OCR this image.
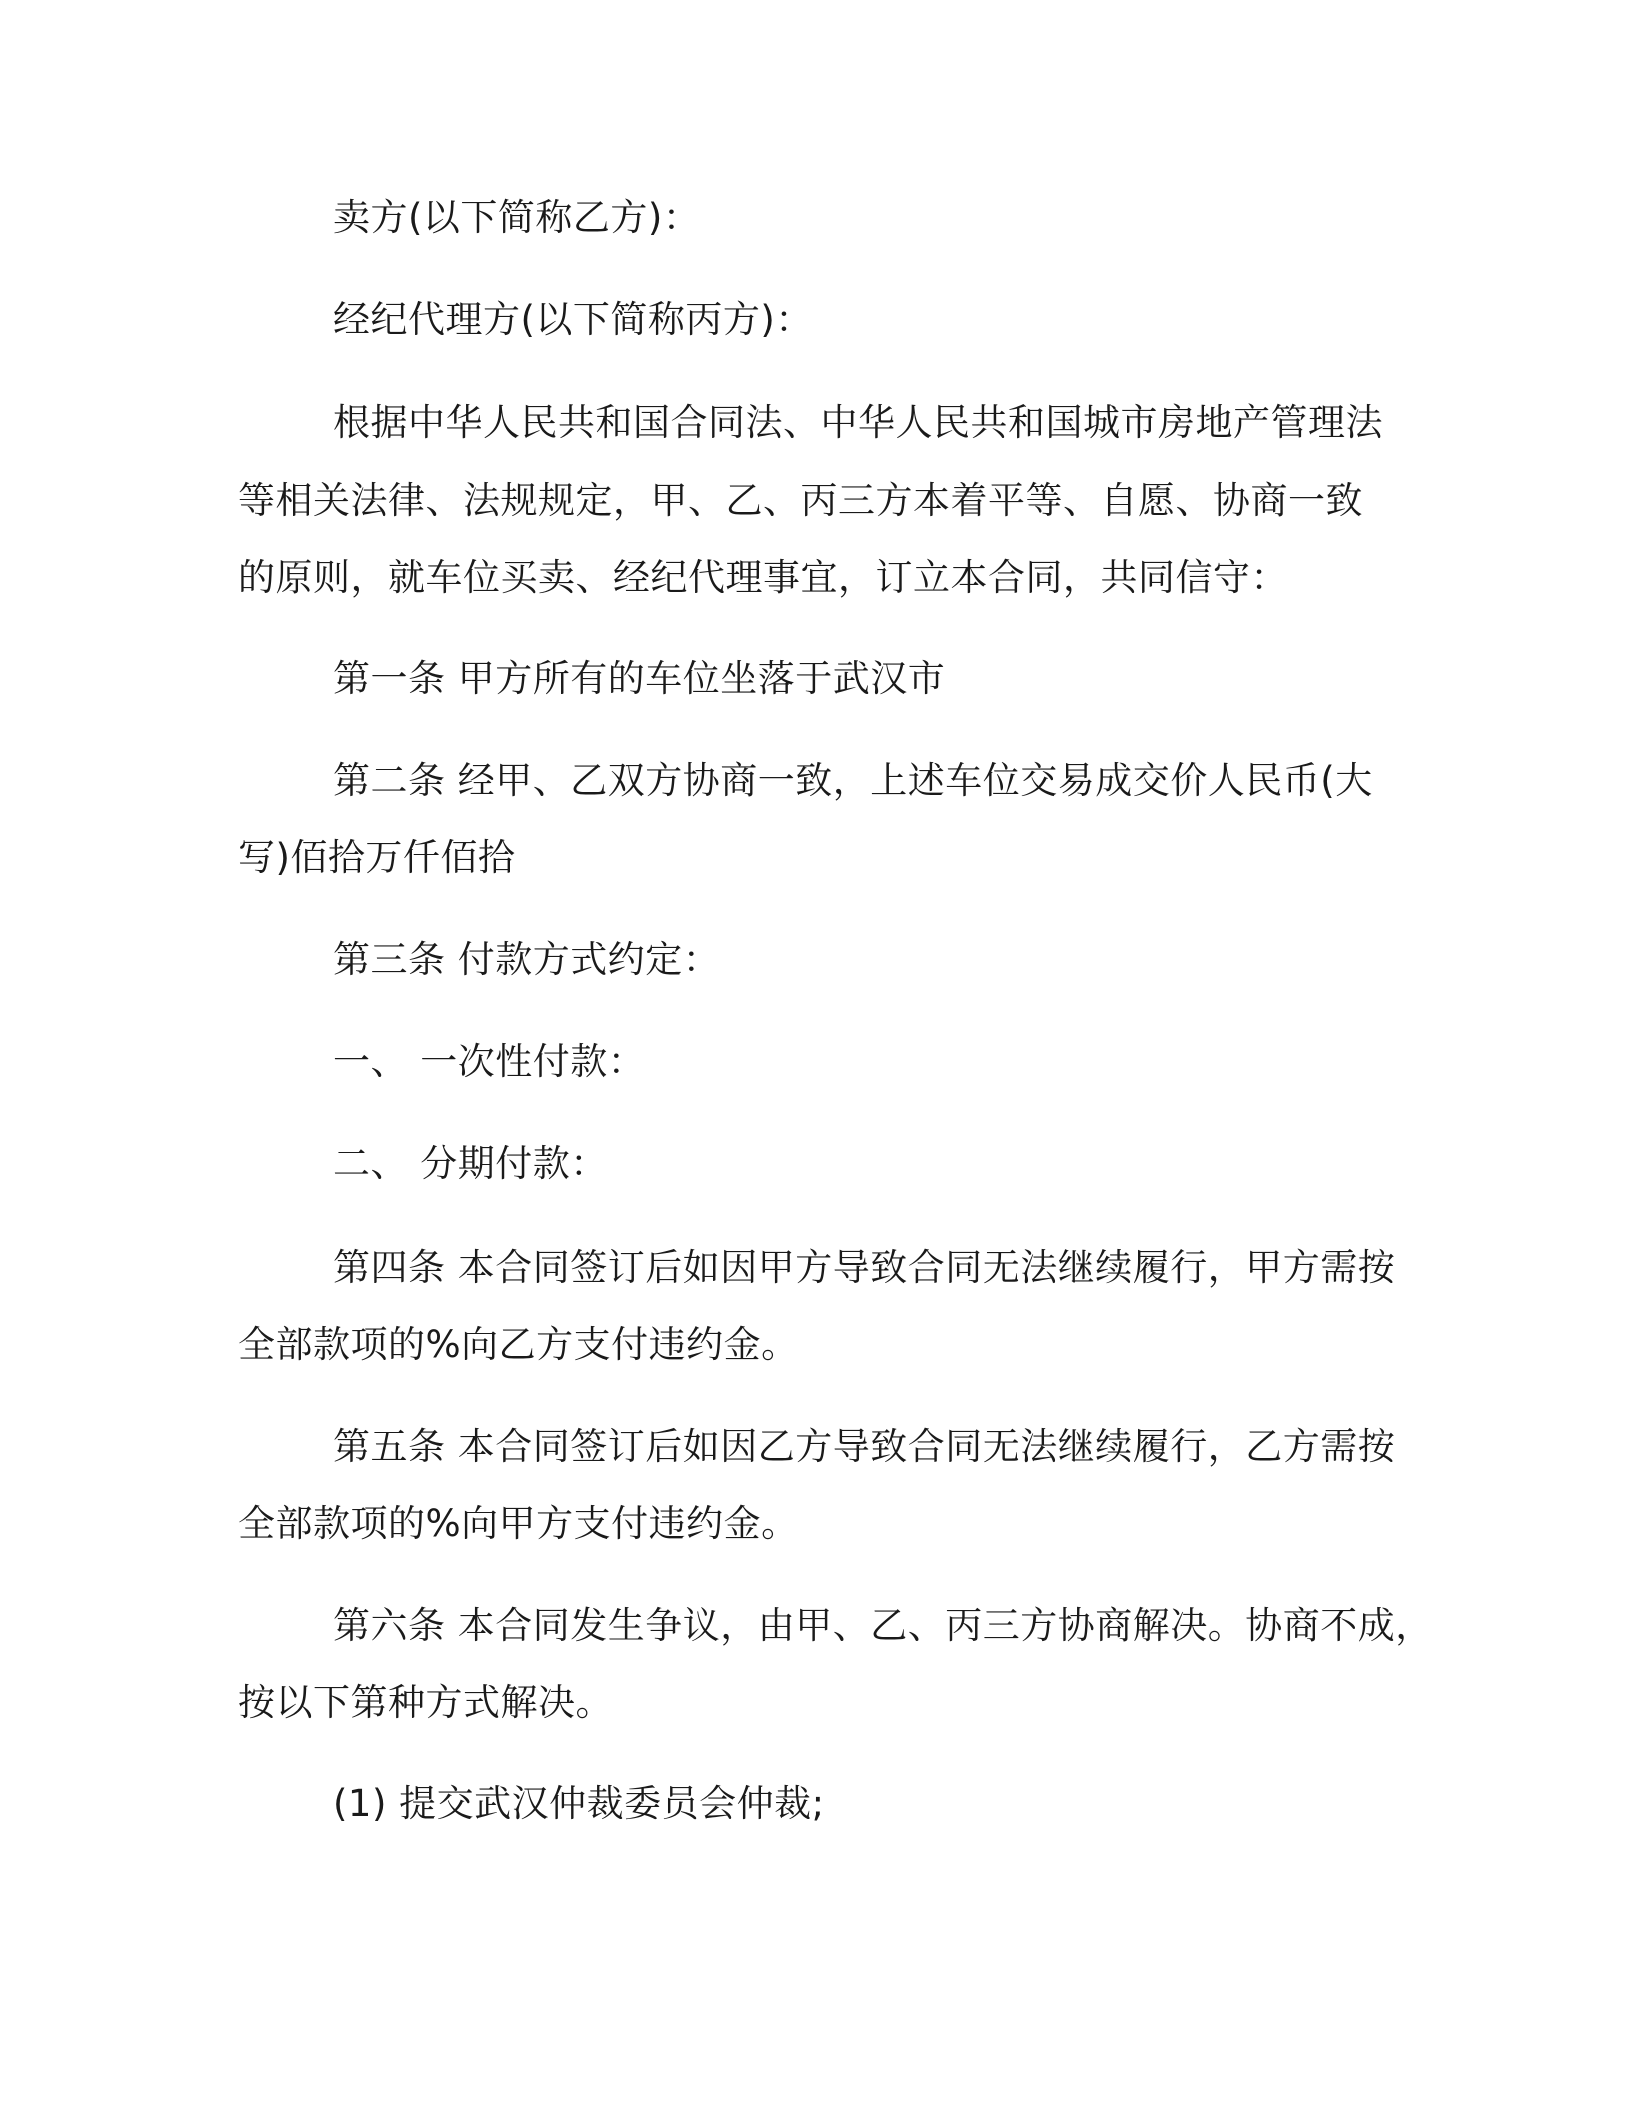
卖方(以下简称乙方)：
经纪代理方(以下简称丙方)：
根据中华人民共和国合同法、中华人民共和国城市房地产管理法
等相关法律、法规规定，甲、乙、丙三方本着平等、自愿、协商一致
的原则，就车位买卖、经纪代理事宜，订立本合同，共同信守：
第一条 甲方所有的车位坐落于武汉市
第二条 经甲、乙双方协商一致，上述车位交易成交价人民币(大
写)佰拾万仟佰拾
第三条 付款方式约定：
一、 一次性付款：
二、 分期付款：
第四条 本合同签订后如因甲方导致合同无法继续履行，甲方需按
全部款项的%向乙方支付违约金。
第五条 本合同签订后如因乙方导致合同无法继续履行，乙方需按
全部款项的%向甲方支付违约金。
第六条 本合同发生争议，由甲、乙、丙三方协商解决。协商不成，
按以下第种方式解决。
(1) 提交武汉仲裁委员会仲裁;
